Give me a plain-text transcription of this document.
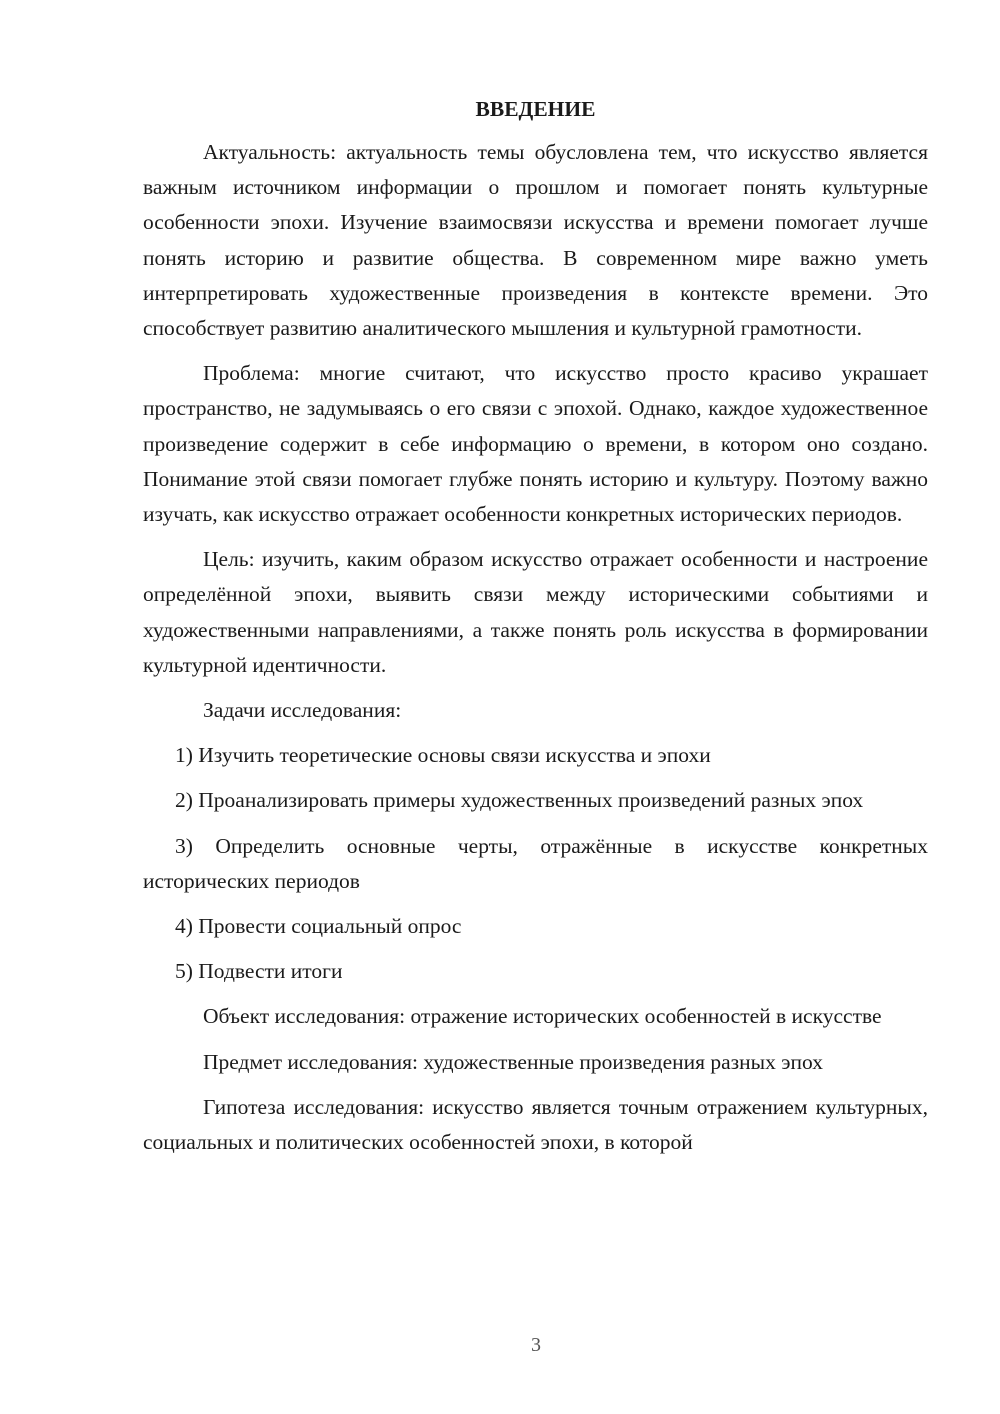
ВВЕДЕНИЕ

Актуальность: актуальность темы обусловлена тем, что искусство является важным источником информации о прошлом и помогает понять культурные особенности эпохи. Изучение взаимосвязи искусства и времени помогает лучше понять историю и развитие общества. В современном мире важно уметь интерпретировать художественные произведения в контексте времени. Это способствует развитию аналитического мышления и культурной грамотности.

Проблема: многие считают, что искусство просто красиво украшает пространство, не задумываясь о его связи с эпохой. Однако, каждое художественное произведение содержит в себе информацию о времени, в котором оно создано. Понимание этой связи помогает глубже понять историю и культуру. Поэтому важно изучать, как искусство отражает особенности конкретных исторических периодов.

Цель: изучить, каким образом искусство отражает особенности и настроение определённой эпохи, выявить связи между историческими событиями и художественными направлениями, а также понять роль искусства в формировании культурной идентичности.

Задачи исследования:

1) Изучить теоретические основы связи искусства и эпохи

2) Проанализировать примеры художественных произведений разных эпох

3) Определить основные черты, отражённые в искусстве конкретных исторических периодов

4) Провести социальный опрос

5) Подвести итоги

Объект исследования: отражение исторических особенностей в искусстве

Предмет исследования: художественные произведения разных эпох

Гипотеза исследования: искусство является точным отражением культурных, социальных и политических особенностей эпохи, в которой

3
